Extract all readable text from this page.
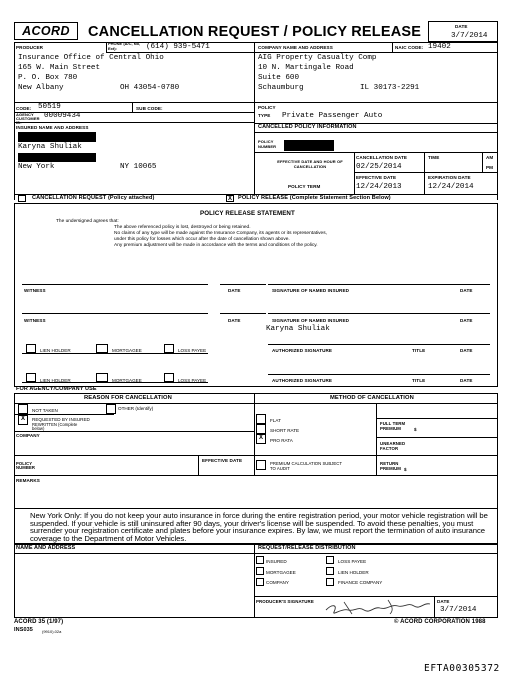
ACORD	CANCELLATION REQUEST / POLICY RELEASE	DATE
3/7/2014
PRODUCER
PHONE (A/C, No, Ext):	(614) 939-5471
Insurance Office of Central Ohio
165 W. Main Street
P. O. Box 780
New Albany	OH 43054-0780
COMPANY NAME AND ADDRESS	NAIC CODE: 19402
AIG Property Casualty Comp
10 N. Martingale Road
Suite 600
Schaumburg	IL 30173-2291
CODE: 50519	SUB CODE:
AGENCY CUSTOMER ID:
00009434
POLICY
TYPE Private Passenger Auto
CANCELLED POLICY INFORMATION
POLICY NUMBER
EFFECTIVE DATE AND HOUR OF CANCELLATION
CANCELLATION DATE
02/25/2014
TIME	AM
PM
POLICY TERM
EFFECTIVE DATE
12/24/2013
EXPIRATION DATE
12/24/2014
INSURED NAME AND ADDRESS
Karyna Shuliak
New York	NY 10065
CANCELLATION REQUEST (Policy attached)	X	POLICY RELEASE (Complete Statement Section Below)
POLICY RELEASE STATEMENT
The undersigned agrees that:
The above referenced policy is lost, destroyed or being retained.
No claims of any type will be made against the Insurance Company, its agents or its representatives,
under this policy for losses which occur after the date of cancellation shown above.
Any premium adjustment will be made in accordance with the terms and conditions of the policy.
WITNESS	DATE	SIGNATURE OF NAMED INSURED	DATE
WITNESS	DATE	SIGNATURE OF NAMED INSURED	DATE
Karyna Shuliak
LIEN HOLDER	MORTGAGEE	LOSS PAYEE	AUTHORIZED SIGNATURE	TITLE	DATE
LIEN HOLDER	MORTGAGEE	LOSS PAYEE	AUTHORIZED SIGNATURE	TITLE	DATE
FOR AGENCY/COMPANY USE
REASON FOR CANCELLATION	METHOD OF CANCELLATION
NOT TAKEN	OTHER (Identify)
X	REQUESTED BY INSURED
REWRITTEN (Complete below)
COMPANY
POLICY NUMBER
EFFECTIVE DATE
FLAT
SHORT RATE
X	PRO RATA
FULL TERM PREMIUM	$
UNEARNED FACTOR
PREMIUM CALCULATION SUBJECT TO AUDIT
RETURN PREMIUM $
REMARKS
New York Only: If you do not keep your auto insurance in force during the entire registration period, your motor vehicle registration will be suspended. If your vehicle is still uninsured after 90 days, your driver's license will be suspended. To avoid these penalties, you must surrender your registration certificate and plates before your insurance expires. By law, we must report the termination of auto insurance coverage to the Department of Motor Vehicles.
NAME AND ADDRESS	REQUEST/RELEASE DISTRIBUTION
INSURED	LOSS PAYEE
MORTGAGEE	LIEN HOLDER
COMPANY	FINANCE COMPANY
PRODUCER'S SIGNATURE	DATE
3/7/2014
ACORD 35 (1/97)
INS035 (9910).02a
© ACORD CORPORATION 1988
EFTA00305372
